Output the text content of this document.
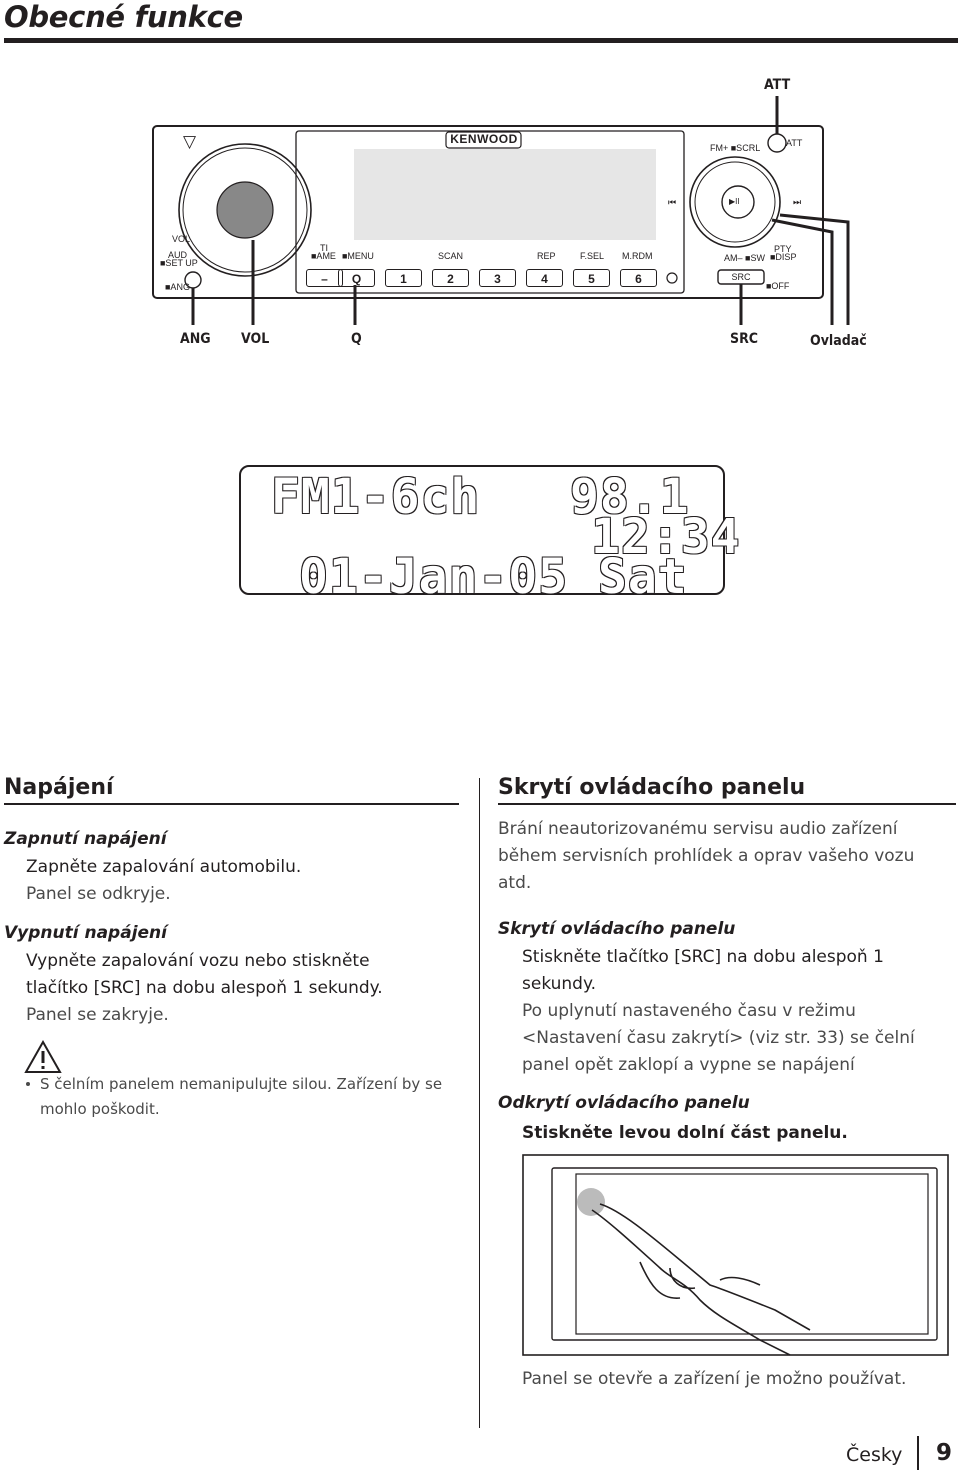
Obecné funkce
ATT
ANG VOL	Q	SRC	Ovladač
▽	KENWOOD
VOL
AUD
■SET UP
■ANG
TI
■AME ■MENU	SCAN	REP	F.SEL M.RDM
FM+ ■SCRL	ATT
⏮	⏭
▶II
AM– ■SW
PTY
■DISP
SRC
■OFF
–	Q	1	2	3	4	5	6
FM1-6ch   98.1
12:34
01-Jan-05 Sat
Napájení
Zapnutí napájení
Zapněte zapalování automobilu.
Panel se odkryje.
Vypnutí napájení
Vypněte zapalování vozu nebo stiskněte
tlačítko [SRC] na dobu alespoň 1 sekundy.
Panel se zakryje.
S čelním panelem nemanipulujte silou. Zařízení by se
mohlo poškodit.
Skrytí ovládacího panelu
Brání neautorizovanému servisu audio zařízení
během servisních prohlídek a oprav vašeho vozu
atd.
Skrytí ovládacího panelu
Stiskněte tlačítko [SRC] na dobu alespoň 1
sekundy.
Po uplynutí nastaveného času v režimu
<Nastavení času zakrytí> (viz str. 33) se čelní
panel opět zaklopí a vypne se napájení
Odkrytí ovládacího panelu
Stiskněte levou dolní část panelu.
Panel se otevře a zařízení je možno používat.
Česky 9
